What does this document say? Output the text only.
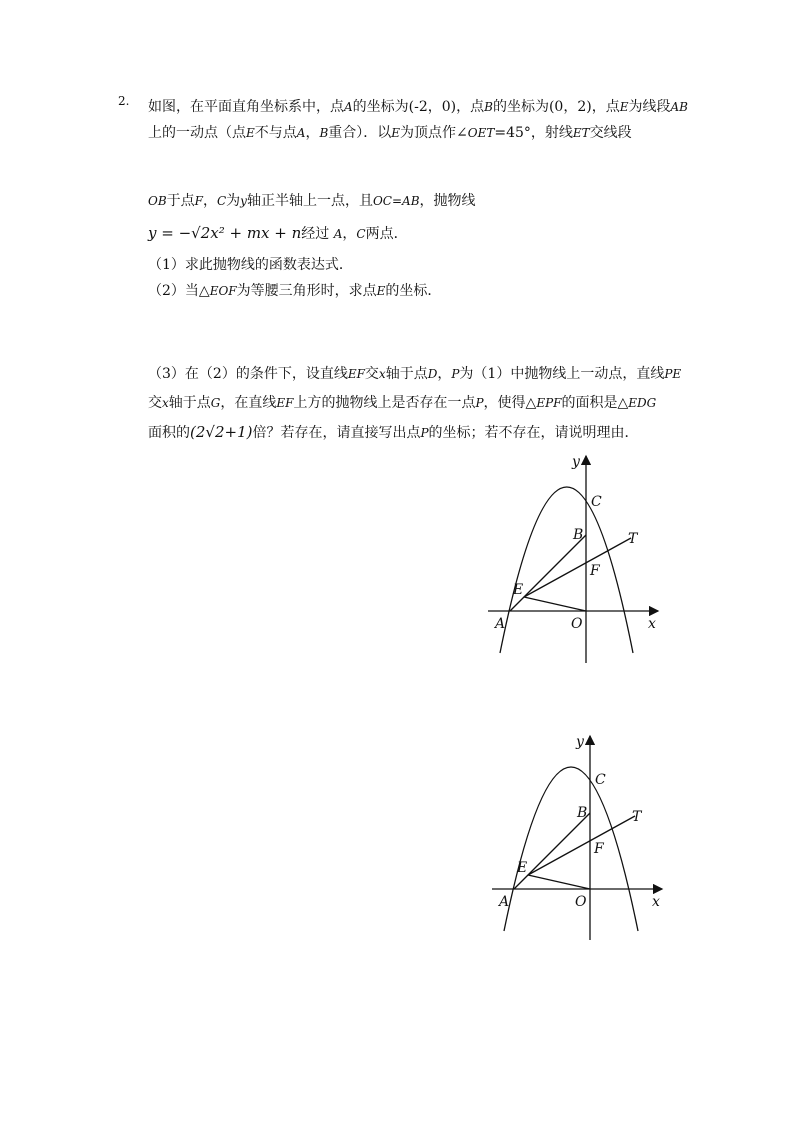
2. 如图，在平面直角坐标系中，点A的坐标为(-2，0)，点B的坐标为(0，2)，点E为线段AB上的一动点（点E不与点A，B重合）．以E为顶点作∠OET=45°，射线ET交线段
OB于点F，C为y轴正半轴上一点，且OC=AB，抛物线
y = −√2x² + mx + n经过 A，C两点．
（1）求此抛物线的函数表达式．
（2）当△EOF为等腰三角形时，求点E的坐标．
（3）在（2）的条件下，设直线EF交x轴于点D，P为（1）中抛物线上一动点，直线PE
交x轴于点G，在直线EF上方的抛物线上是否存在一点P，使得△EPF的面积是△EDG
面积的(2√2+1)倍？若存在，请直接写出点P的坐标；若不存在，请说明理由．
y
C
B	T
F
E
A	O	x
y
C
B	T
F
E
A	O	x
